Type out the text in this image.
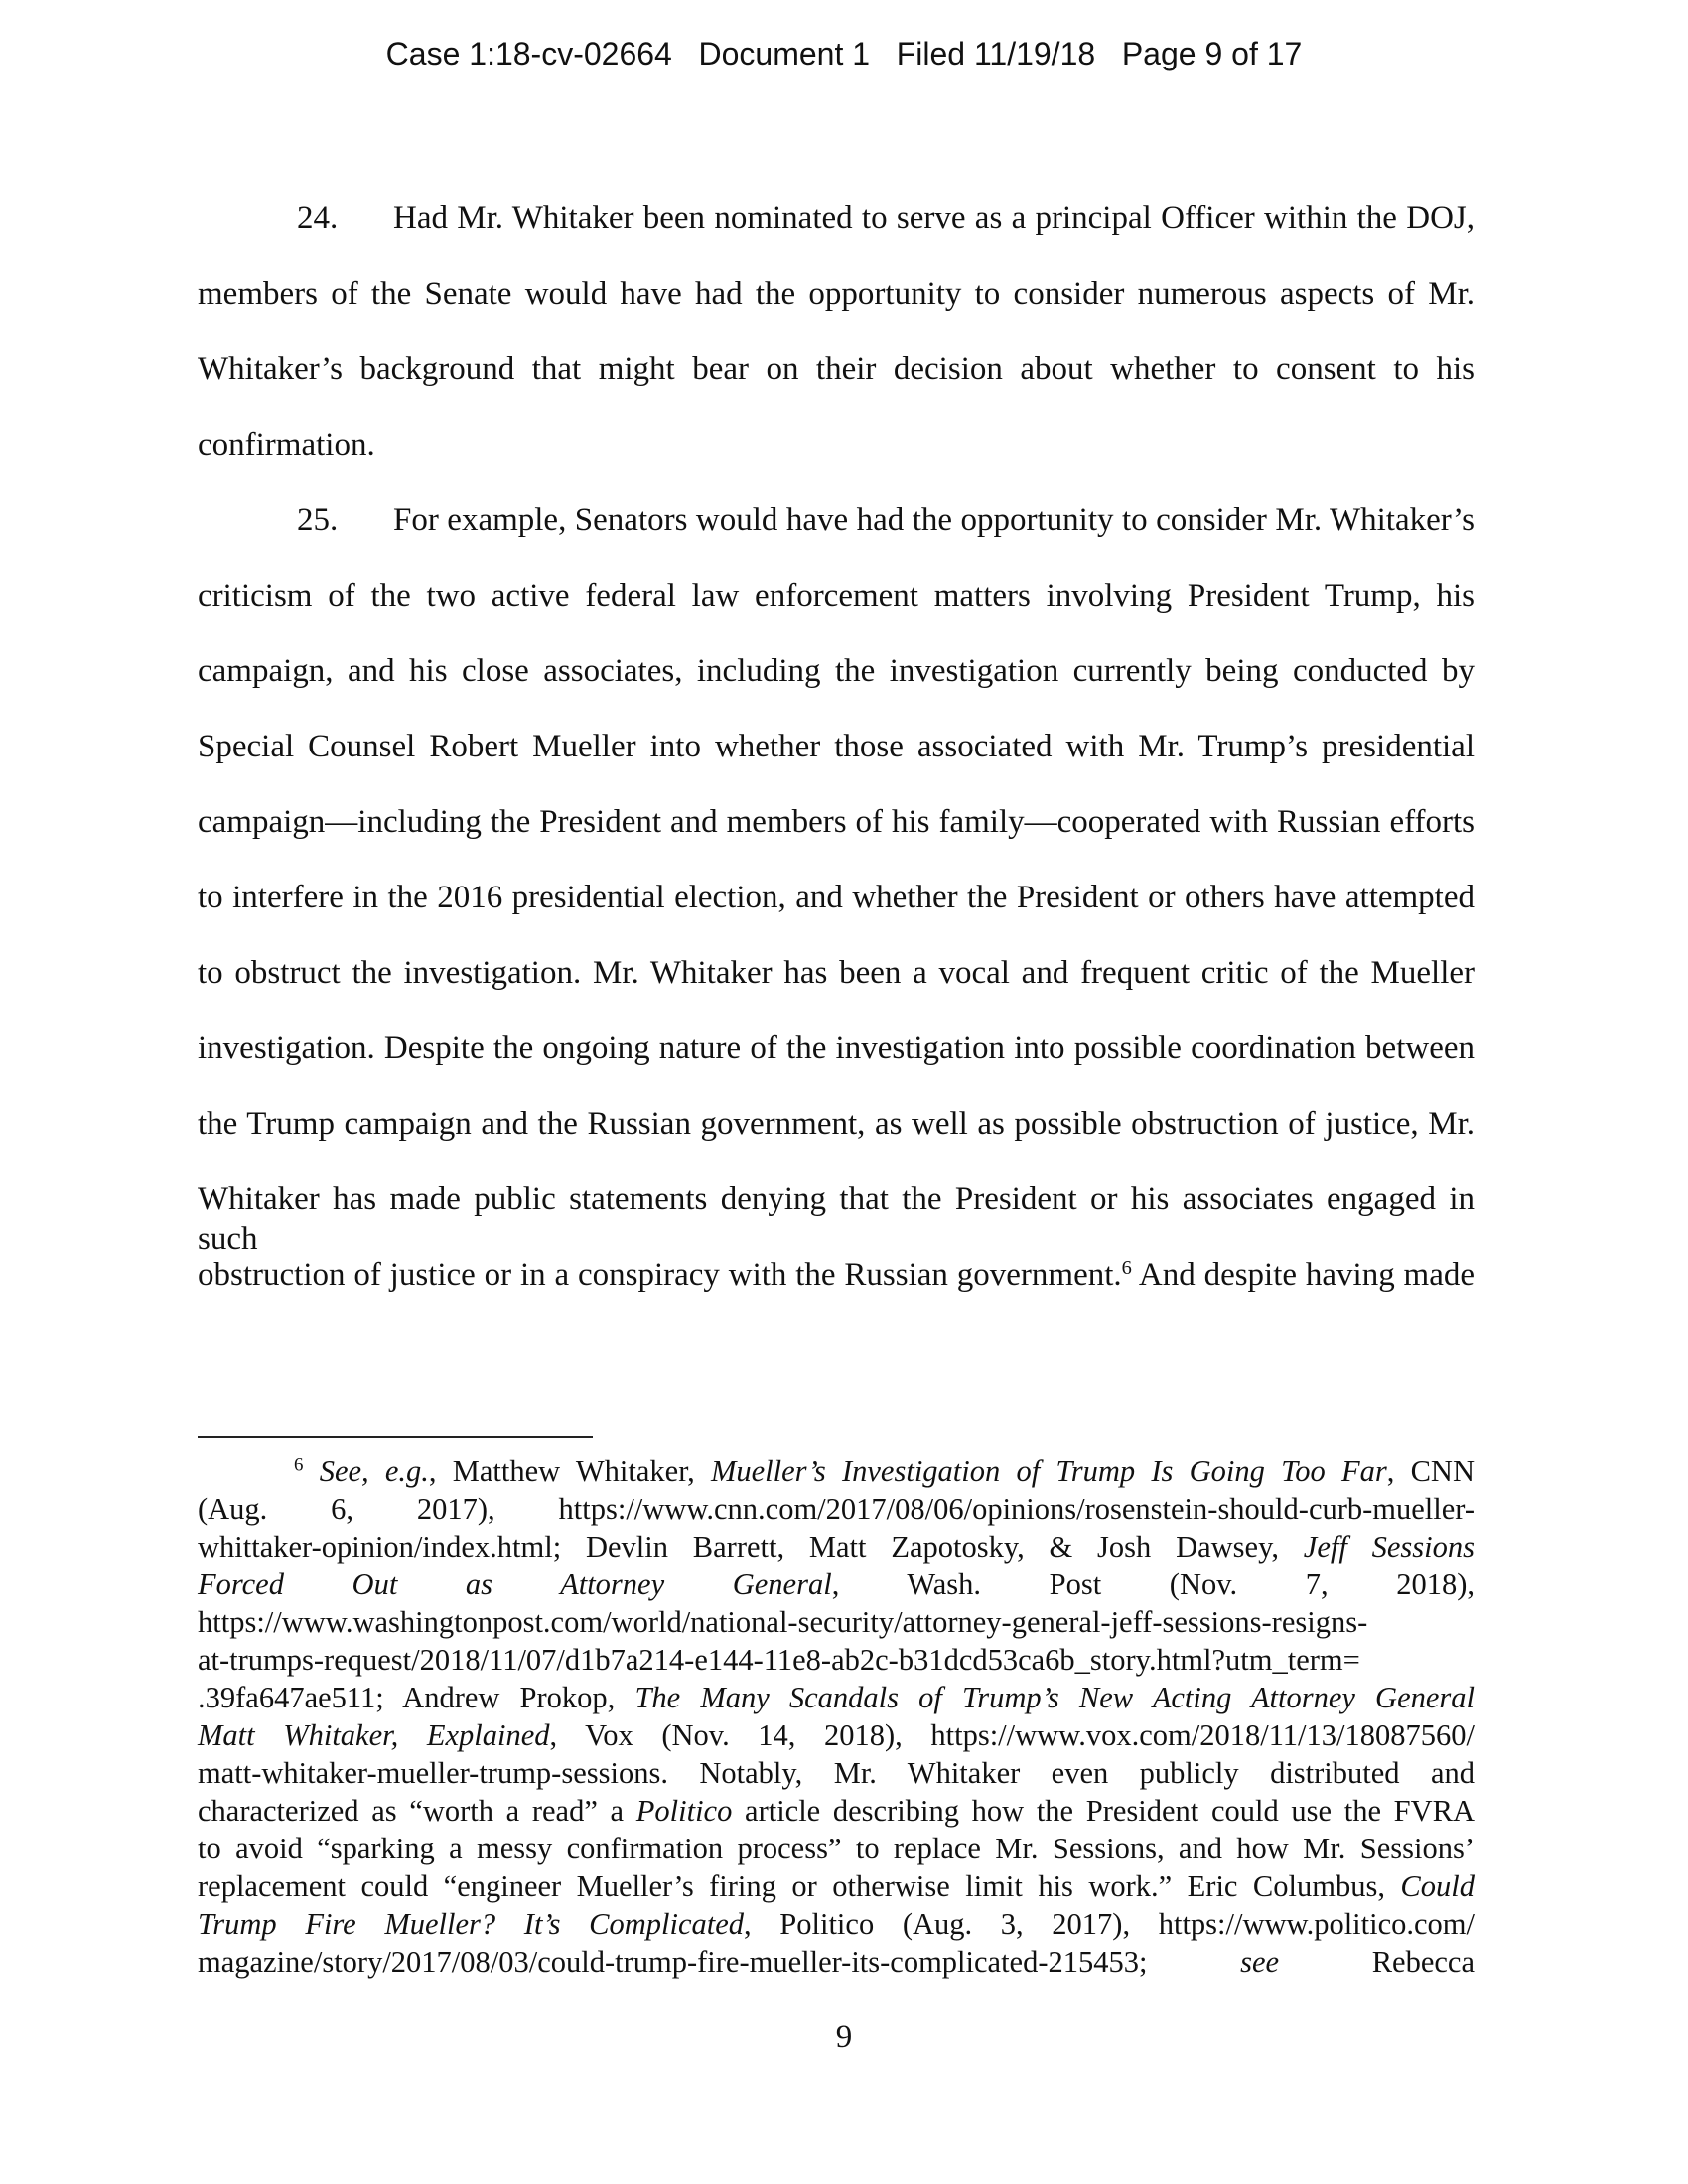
Case 1:18-cv-02664 Document 1 Filed 11/19/18 Page 9 of 17
24. Had Mr. Whitaker been nominated to serve as a principal Officer within the DOJ,
members of the Senate would have had the opportunity to consider numerous aspects of Mr.
Whitaker’s background that might bear on their decision about whether to consent to his
confirmation.
25. For example, Senators would have had the opportunity to consider Mr. Whitaker’s
criticism of the two active federal law enforcement matters involving President Trump, his
campaign, and his close associates, including the investigation currently being conducted by
Special Counsel Robert Mueller into whether those associated with Mr. Trump’s presidential
campaign—including the President and members of his family—cooperated with Russian efforts
to interfere in the 2016 presidential election, and whether the President or others have attempted
to obstruct the investigation. Mr. Whitaker has been a vocal and frequent critic of the Mueller
investigation. Despite the ongoing nature of the investigation into possible coordination between
the Trump campaign and the Russian government, as well as possible obstruction of justice, Mr.
Whitaker has made public statements denying that the President or his associates engaged in such
obstruction of justice or in a conspiracy with the Russian government.$^6$ And despite having made
$^6$ See, e.g., Matthew Whitaker, Mueller’s Investigation of Trump Is Going Too Far, CNN
(Aug. 6, 2017), https://www.cnn.com/2017/08/06/opinions/rosenstein-should-curb-mueller-
whittaker-opinion/index.html; Devlin Barrett, Matt Zapotosky, & Josh Dawsey, Jeff Sessions
Forced Out as Attorney General, Wash. Post (Nov. 7, 2018),
https://www.washingtonpost.com/world/national-security/attorney-general-jeff-sessions-resigns-
at-trumps-request/2018/11/07/d1b7a214-e144-11e8-ab2c-b31dcd53ca6b_story.html?utm_term=
.39fa647ae511; Andrew Prokop, The Many Scandals of Trump’s New Acting Attorney General
Matt Whitaker, Explained, Vox (Nov. 14, 2018), https://www.vox.com/2018/11/13/18087560/
matt-whitaker-mueller-trump-sessions. Notably, Mr. Whitaker even publicly distributed and
characterized as “worth a read” a Politico article describing how the President could use the FVRA
to avoid “sparking a messy confirmation process” to replace Mr. Sessions, and how Mr. Sessions’
replacement could “engineer Mueller’s firing or otherwise limit his work.” Eric Columbus, Could
Trump Fire Mueller? It’s Complicated, Politico (Aug. 3, 2017), https://www.politico.com/
magazine/story/2017/08/03/could-trump-fire-mueller-its-complicated-215453; see Rebecca
9
